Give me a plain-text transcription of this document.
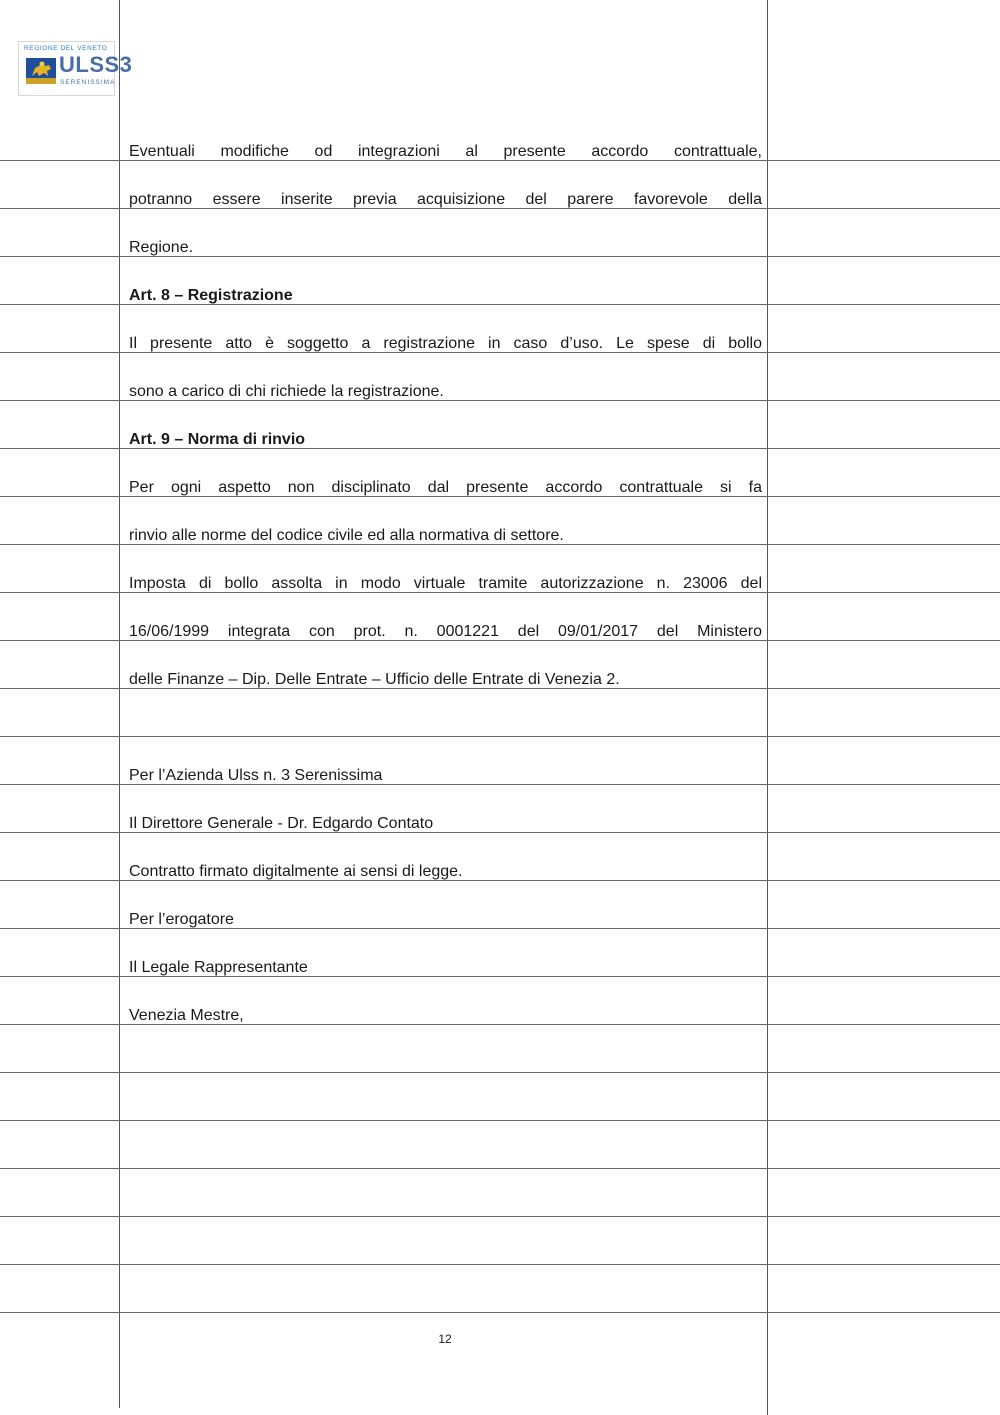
REGIONE DEL VENETO
ULSS3
SERENISSIMA
Eventuali modifiche od integrazioni al presente accordo contrattuale,
potranno essere inserite previa acquisizione del parere favorevole della
Regione.
Art. 8 – Registrazione
Il presente atto è soggetto a registrazione in caso d’uso. Le spese di bollo
sono a carico di chi richiede la registrazione.
Art. 9 – Norma di rinvio
Per ogni aspetto non disciplinato dal presente accordo contrattuale si fa
rinvio alle norme del codice civile ed alla normativa di settore.
Imposta di bollo assolta in modo virtuale tramite autorizzazione n. 23006 del
16/06/1999 integrata con prot. n. 0001221 del 09/01/2017 del Ministero
delle Finanze – Dip. Delle Entrate – Ufficio delle Entrate di Venezia 2.
Per l’Azienda Ulss n. 3 Serenissima
Il Direttore Generale - Dr. Edgardo Contato
Contratto firmato digitalmente ai sensi di legge.
Per l’erogatore
Il Legale Rappresentante
Venezia Mestre,
12
